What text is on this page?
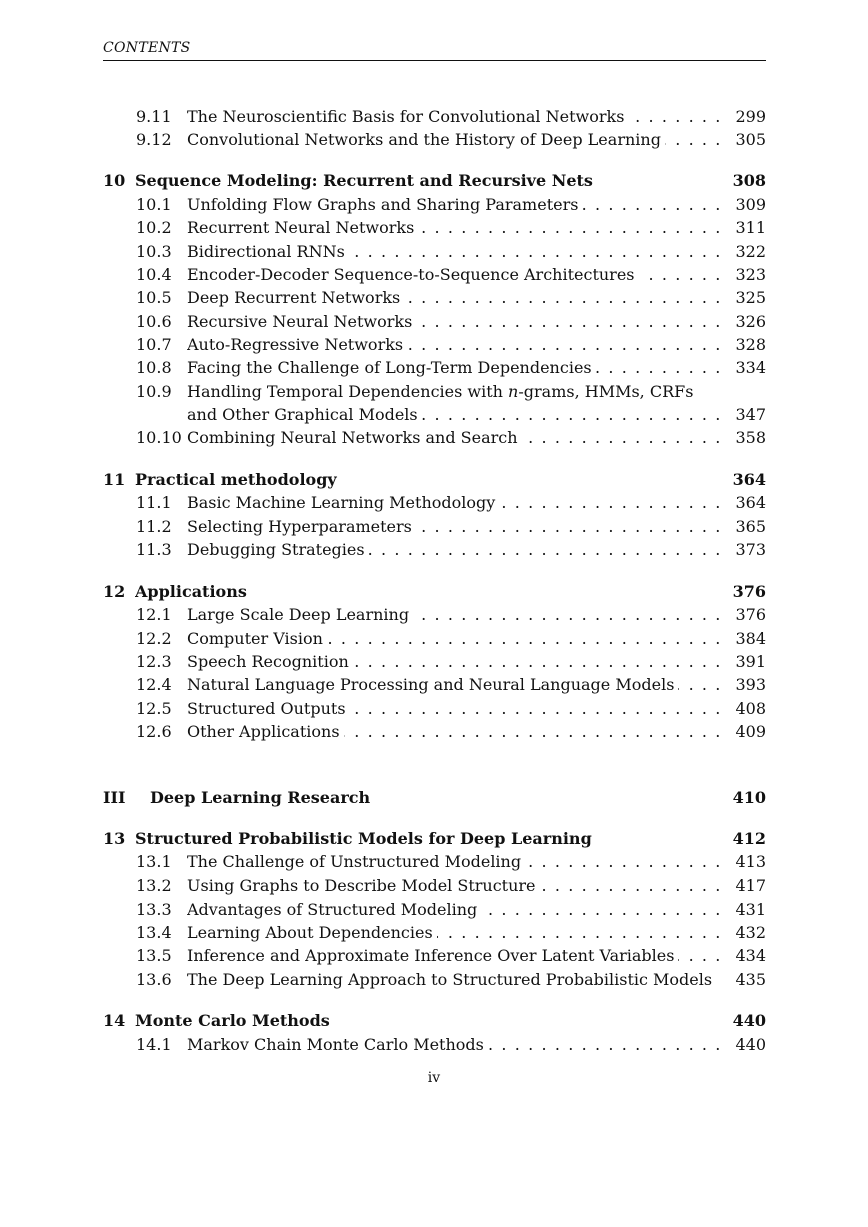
CONTENTS
9.11 The Neuroscientific Basis for Convolutional Networks . . .	299
9.12 Convolutional Networks and the History of Deep Learning . . .	305
10 Sequence Modeling: Recurrent and Recursive Nets	308
10.1 Unfolding Flow Graphs and Sharing Parameters . . .	309
10.2 Recurrent Neural Networks . . .	311
10.3 Bidirectional RNNs . . .	322
10.4 Encoder-Decoder Sequence-to-Sequence Architectures . . .	323
10.5 Deep Recurrent Networks . . .	325
10.6 Recursive Neural Networks . . .	326
10.7 Auto-Regressive Networks . . .	328
10.8 Facing the Challenge of Long-Term Dependencies . . .	334
10.9 Handling Temporal Dependencies with n-grams, HMMs, CRFs
and Other Graphical Models . . .	347
10.10 Combining Neural Networks and Search . . .	358
11 Practical methodology	364
11.1 Basic Machine Learning Methodology . . .	364
11.2 Selecting Hyperparameters . . .	365
11.3 Debugging Strategies . . .	373
12 Applications	376
12.1 Large Scale Deep Learning . . .	376
12.2 Computer Vision . . .	384
12.3 Speech Recognition . . .	391
12.4 Natural Language Processing and Neural Language Models . . .	393
12.5 Structured Outputs . . .	408
12.6 Other Applications . . .	409
III Deep Learning Research	410
13 Structured Probabilistic Models for Deep Learning	412
13.1 The Challenge of Unstructured Modeling . . .	413
13.2 Using Graphs to Describe Model Structure . . .	417
13.3 Advantages of Structured Modeling . . .	431
13.4 Learning About Dependencies . . .	432
13.5 Inference and Approximate Inference Over Latent Variables . . .	434
13.6 The Deep Learning Approach to Structured Probabilistic Models	435
14 Monte Carlo Methods	440
14.1 Markov Chain Monte Carlo Methods . . .	440
iv
